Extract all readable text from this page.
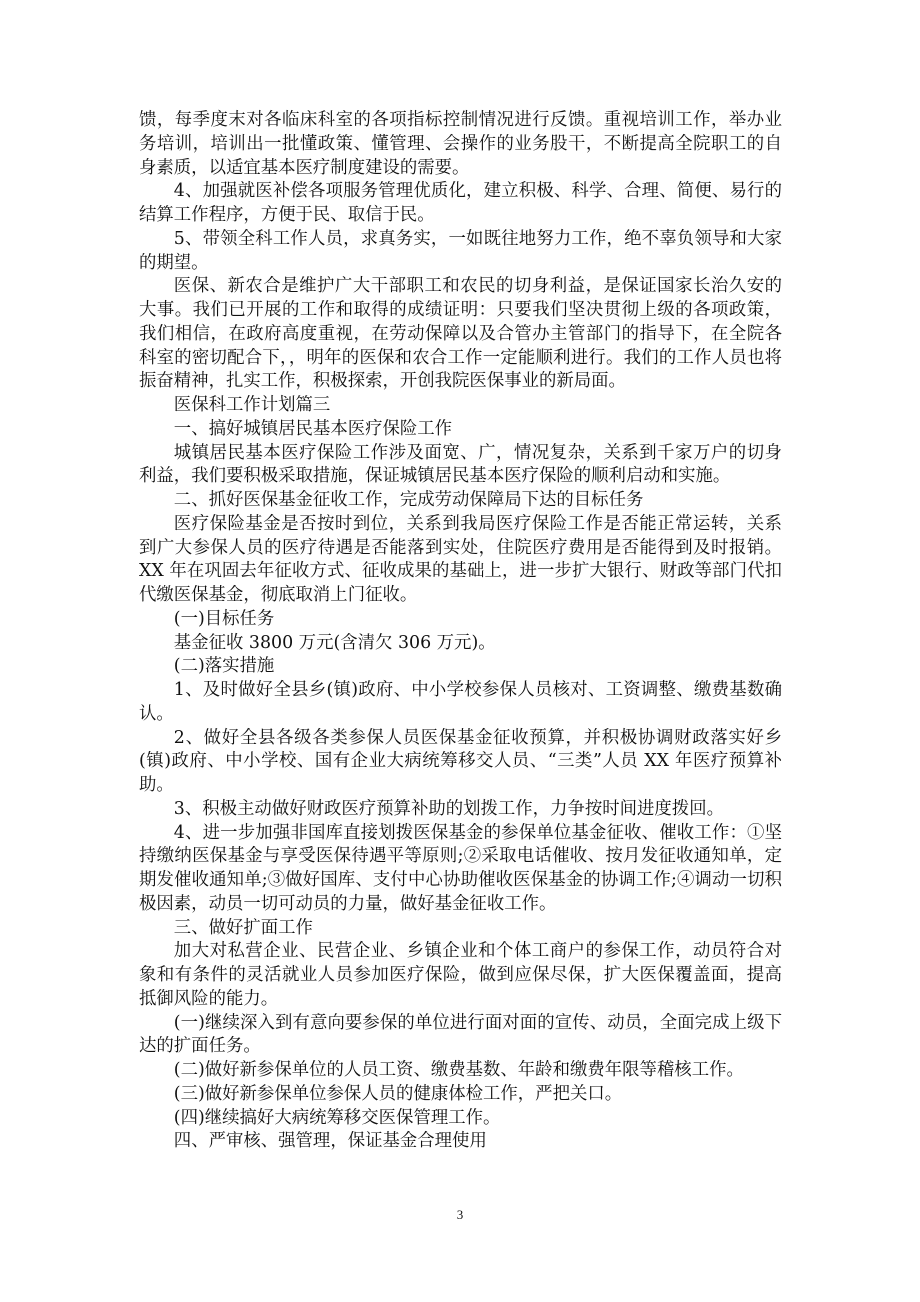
馈，每季度末对各临床科室的各项指标控制情况进行反馈。重视培训工作，举办业务培训，培训出一批懂政策、懂管理、会操作的业务股干，不断提高全院职工的自身素质，以适宜基本医疗制度建设的需要。

4、加强就医补偿各项服务管理优质化，建立积极、科学、合理、简便、易行的结算工作程序，方便于民、取信于民。

5、带领全科工作人员，求真务实，一如既往地努力工作，绝不辜负领导和大家的期望。

医保、新农合是维护广大干部职工和农民的切身利益，是保证国家长治久安的大事。我们已开展的工作和取得的成绩证明：只要我们坚决贯彻上级的各项政策，我们相信，在政府高度重视，在劳动保障以及合管办主管部门的指导下，在全院各科室的密切配合下，，明年的医保和农合工作一定能顺利进行。我们的工作人员也将振奋精神，扎实工作，积极探索，开创我院医保事业的新局面。

医保科工作计划篇三

一、搞好城镇居民基本医疗保险工作

城镇居民基本医疗保险工作涉及面宽、广，情况复杂，关系到千家万户的切身利益，我们要积极采取措施，保证城镇居民基本医疗保险的顺利启动和实施。

二、抓好医保基金征收工作，完成劳动保障局下达的目标任务

医疗保险基金是否按时到位，关系到我局医疗保险工作是否能正常运转，关系到广大参保人员的医疗待遇是否能落到实处，住院医疗费用是否能得到及时报销。XX 年在巩固去年征收方式、征收成果的基础上，进一步扩大银行、财政等部门代扣代缴医保基金，彻底取消上门征收。

(一)目标任务

基金征收 3800 万元(含清欠 306 万元)。

(二)落实措施

1、及时做好全县乡(镇)政府、中小学校参保人员核对、工资调整、缴费基数确认。

2、做好全县各级各类参保人员医保基金征收预算，并积极协调财政落实好乡(镇)政府、中小学校、国有企业大病统筹移交人员、“三类”人员 XX 年医疗预算补助。

3、积极主动做好财政医疗预算补助的划拨工作，力争按时间进度拨回。

4、进一步加强非国库直接划拨医保基金的参保单位基金征收、催收工作：①坚持缴纳医保基金与享受医保待遇平等原则;②采取电话催收、按月发征收通知单，定期发催收通知单;③做好国库、支付中心协助催收医保基金的协调工作;④调动一切积极因素，动员一切可动员的力量，做好基金征收工作。

三、做好扩面工作

加大对私营企业、民营企业、乡镇企业和个体工商户的参保工作，动员符合对象和有条件的灵活就业人员参加医疗保险，做到应保尽保，扩大医保覆盖面，提高抵御风险的能力。

(一)继续深入到有意向要参保的单位进行面对面的宣传、动员，全面完成上级下达的扩面任务。

(二)做好新参保单位的人员工资、缴费基数、年龄和缴费年限等稽核工作。

(三)做好新参保单位参保人员的健康体检工作，严把关口。

(四)继续搞好大病统筹移交医保管理工作。

四、严审核、强管理，保证基金合理使用

3
